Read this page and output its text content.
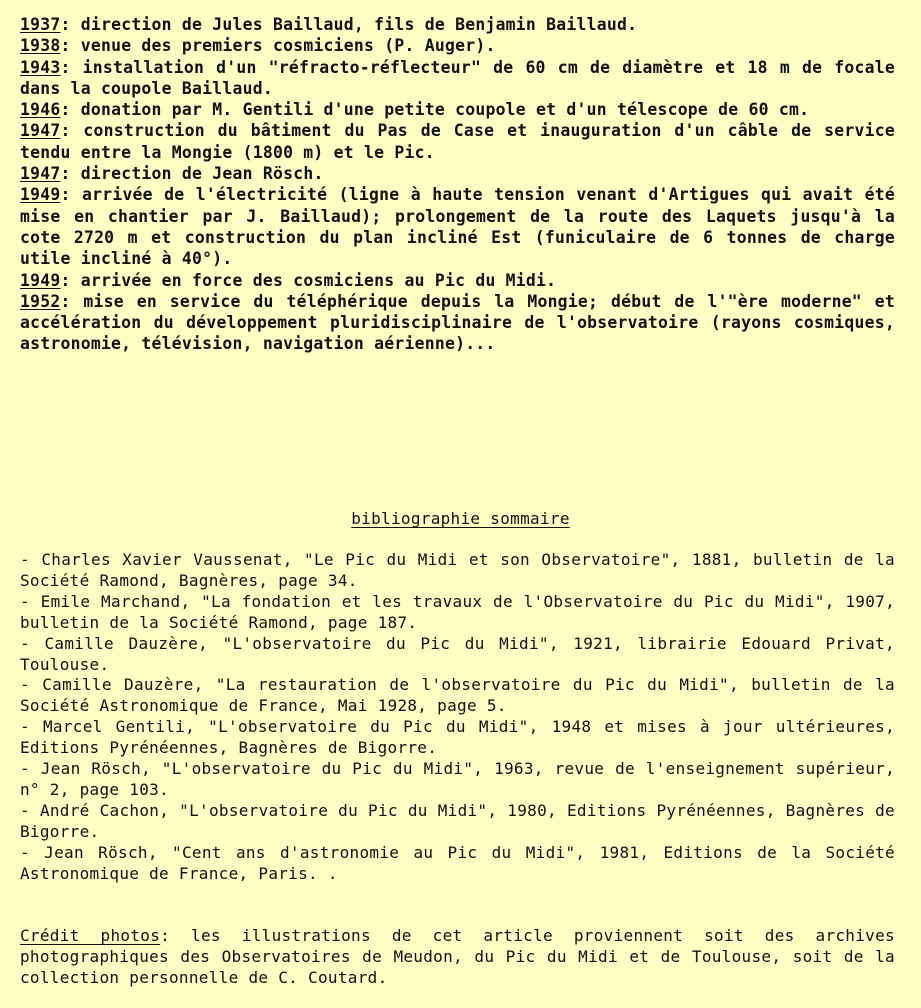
1937: direction de Jules Baillaud, fils de Benjamin Baillaud.

1938: venue des premiers cosmiciens (P. Auger).

1943: installation d'un "réfracto-réflecteur" de 60 cm de diamètre et 18 m de focale dans la coupole Baillaud.

1946: donation par M. Gentili d'une petite coupole et d'un télescope de 60 cm.

1947: construction du bâtiment du Pas de Case et inauguration d'un câble de service tendu entre la Mongie (1800 m) et le Pic.

1947: direction de Jean Rösch.

1949: arrivée de l'électricité (ligne à haute tension venant d'Artigues qui avait été mise en chantier par J. Baillaud); prolongement de la route des Laquets jusqu'à la cote 2720 m et construction du plan incliné Est (funiculaire de 6 tonnes de charge utile incliné à 40°).

1949: arrivée en force des cosmiciens au Pic du Midi.

1952: mise en service du téléphérique depuis la Mongie; début de l'"ère moderne" et accélération du développement pluridisciplinaire de l'observatoire (rayons cosmiques, astronomie, télévision, navigation aérienne)...

bibliographie sommaire

- Charles Xavier Vaussenat, "Le Pic du Midi et son Observatoire", 1881, bulletin de la Société Ramond, Bagnères, page 34.

- Emile Marchand, "La fondation et les travaux de l'Observatoire du Pic du Midi", 1907, bulletin de la Société Ramond, page 187.

- Camille Dauzère, "L'observatoire du Pic du Midi", 1921, librairie Edouard Privat, Toulouse.

- Camille Dauzère, "La restauration de l'observatoire du Pic du Midi", bulletin de la Société Astronomique de France, Mai 1928, page 5.

- Marcel Gentili, "L'observatoire du Pic du Midi", 1948 et mises à jour ultérieures, Editions Pyrénéennes, Bagnères de Bigorre.

- Jean Rösch, "L'observatoire du Pic du Midi", 1963, revue de l'enseignement supérieur, n° 2, page 103.

- André Cachon, "L'observatoire du Pic du Midi", 1980, Editions Pyrénéennes, Bagnères de Bigorre.

- Jean Rösch, "Cent ans d'astronomie au Pic du Midi", 1981, Editions de la Société Astronomique de France, Paris. .

Crédit photos: les illustrations de cet article proviennent soit des archives photographiques des Observatoires de Meudon, du Pic du Midi et de Toulouse, soit de la collection personnelle de C. Coutard.
